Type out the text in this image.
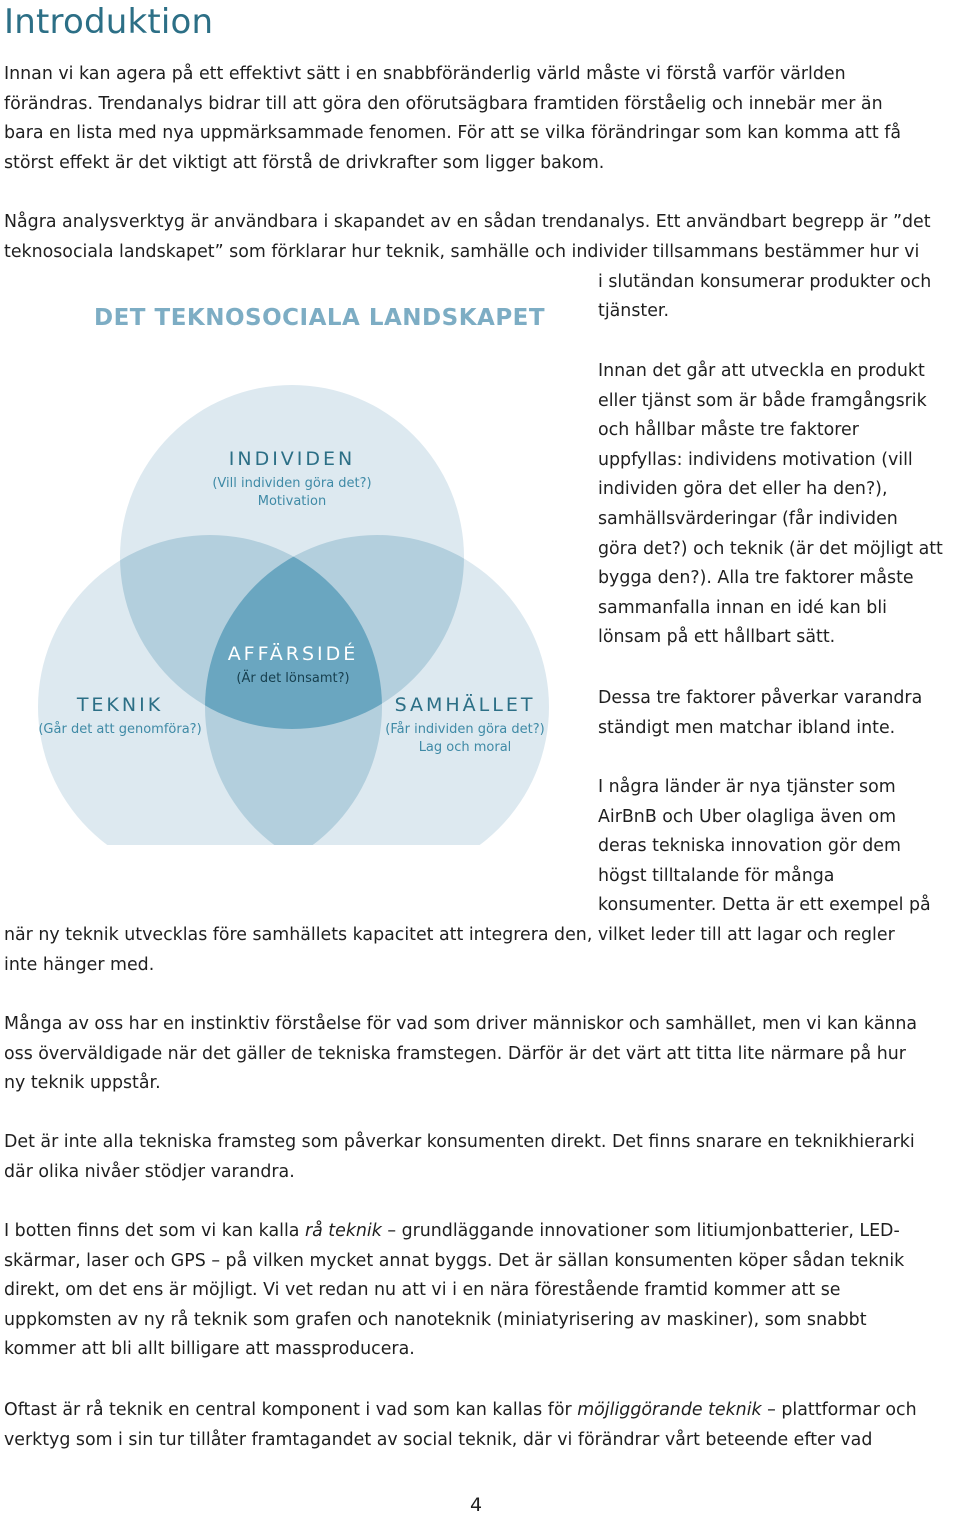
Introduktion
Innan vi kan agera på ett effektivt sätt i en snabbföränderlig värld måste vi förstå varför världen
förändras. Trendanalys bidrar till att göra den oförutsägbara framtiden förståelig och innebär mer än
bara en lista med nya uppmärksammade fenomen. För att se vilka förändringar som kan komma att få
störst effekt är det viktigt att förstå de drivkrafter som ligger bakom.
Några analysverktyg är användbara i skapandet av en sådan trendanalys. Ett användbart begrepp är ”det
teknosociala landskapet” som förklarar hur teknik, samhälle och individer tillsammans bestämmer hur vi
i slutändan konsumerar produkter och
tjänster.
DET TEKNOSOCIALA LANDSKAPET
INDIVIDEN
(Vill individen göra det?)
Motivation
AFFÄRSIDÉ
(Är det lönsamt?)
TEKNIK
(Går det att genomföra?)
SAMHÄLLET
(Får individen göra det?)
Lag och moral
Innan det går att utveckla en produkt
eller tjänst som är både framgångsrik
och hållbar måste tre faktorer
uppfyllas: individens motivation (vill
individen göra det eller ha den?),
samhällsvärderingar (får individen
göra det?) och teknik (är det möjligt att
bygga den?). Alla tre faktorer måste
sammanfalla innan en idé kan bli
lönsam på ett hållbart sätt.
Dessa tre faktorer påverkar varandra
ständigt men matchar ibland inte.
I några länder är nya tjänster som
AirBnB och Uber olagliga även om
deras tekniska innovation gör dem
högst tilltalande för många
konsumenter. Detta är ett exempel på
när ny teknik utvecklas före samhällets kapacitet att integrera den, vilket leder till att lagar och regler
inte hänger med.
Många av oss har en instinktiv förståelse för vad som driver människor och samhället, men vi kan känna
oss överväldigade när det gäller de tekniska framstegen. Därför är det värt att titta lite närmare på hur
ny teknik uppstår.
Det är inte alla tekniska framsteg som påverkar konsumenten direkt. Det finns snarare en teknikhierarki
där olika nivåer stödjer varandra.
I botten finns det som vi kan kalla rå teknik – grundläggande innovationer som litiumjonbatterier, LED-
skärmar, laser och GPS – på vilken mycket annat byggs. Det är sällan konsumenten köper sådan teknik
direkt, om det ens är möjligt. Vi vet redan nu att vi i en nära förestående framtid kommer att se
uppkomsten av ny rå teknik som grafen och nanoteknik (miniatyrisering av maskiner), som snabbt
kommer att bli allt billigare att massproducera.
Oftast är rå teknik en central komponent i vad som kan kallas för möjliggörande teknik – plattformar och
verktyg som i sin tur tillåter framtagandet av social teknik, där vi förändrar vårt beteende efter vad
4
